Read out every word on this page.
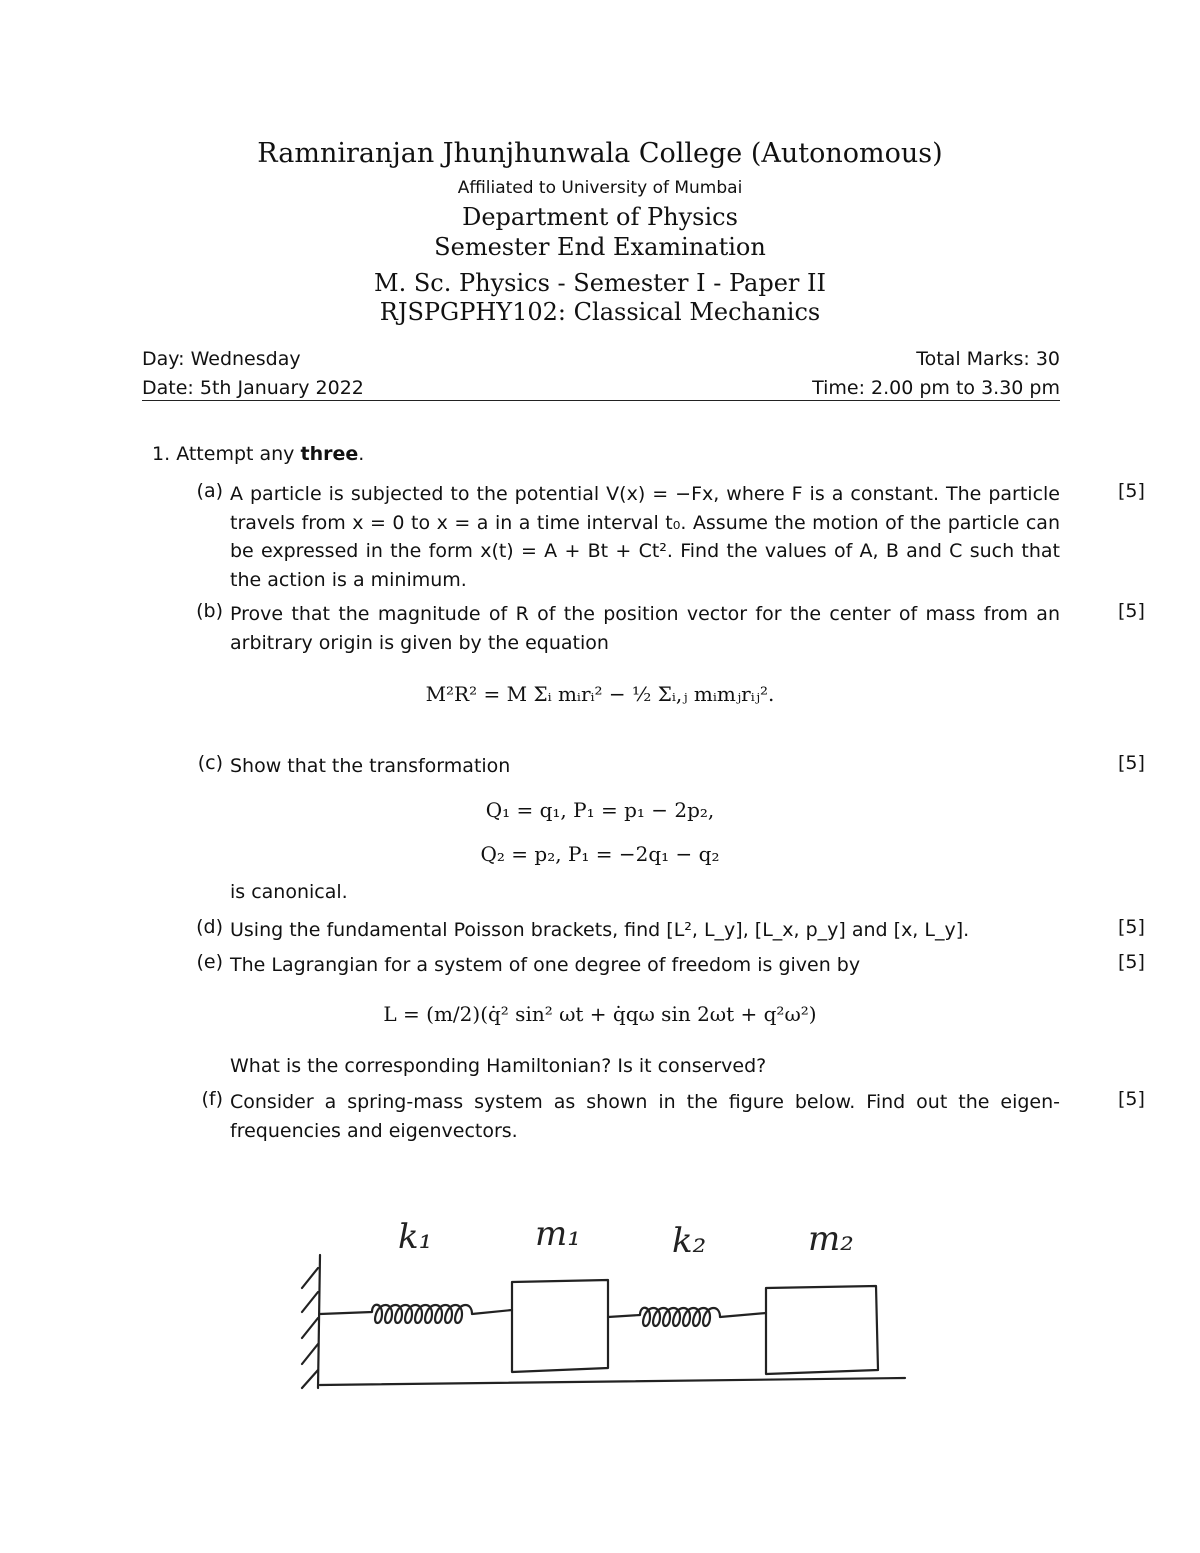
Ramniranjan Jhunjhunwala College (Autonomous)
Affiliated to University of Mumbai
Department of Physics
Semester End Examination
M. Sc. Physics - Semester I - Paper II
RJSPGPHY102: Classical Mechanics
Day: Wednesday
Date: 5th January 2022
Total Marks: 30
Time: 2.00 pm to 3.30 pm
1. Attempt any three.
(a) A particle is subjected to the potential V(x) = −Fx, where F is a constant. The particle travels from x = 0 to x = a in a time interval t₀. Assume the motion of the particle can be expressed in the form x(t) = A + Bt + Ct². Find the values of A, B and C such that the action is a minimum.
[5]
(b) Prove that the magnitude of R of the position vector for the center of mass from an arbitrary origin is given by the equation
[5]
M²R² = M Σᵢ mᵢrᵢ² − ½ Σᵢ,ⱼ mᵢmⱼrᵢⱼ².
(c) Show that the transformation	[5]
Q₁ = q₁, P₁ = p₁ − 2p₂,
Q₂ = p₂, P₁ = −2q₁ − q₂
is canonical.
(d) Using the fundamental Poisson brackets, find [L², L_y], [L_x, p_y] and [x, L_y].	[5]
(e) The Lagrangian for a system of one degree of freedom is given by	[5]
L = (m/2)(q̇² sin² ωt + q̇qω sin 2ωt + q²ω²)
What is the corresponding Hamiltonian? Is it conserved?
(f) Consider a spring-mass system as shown in the figure below. Find out the eigen-frequencies and eigenvectors.
[5]
k₁	m₁	k₂	m₂
